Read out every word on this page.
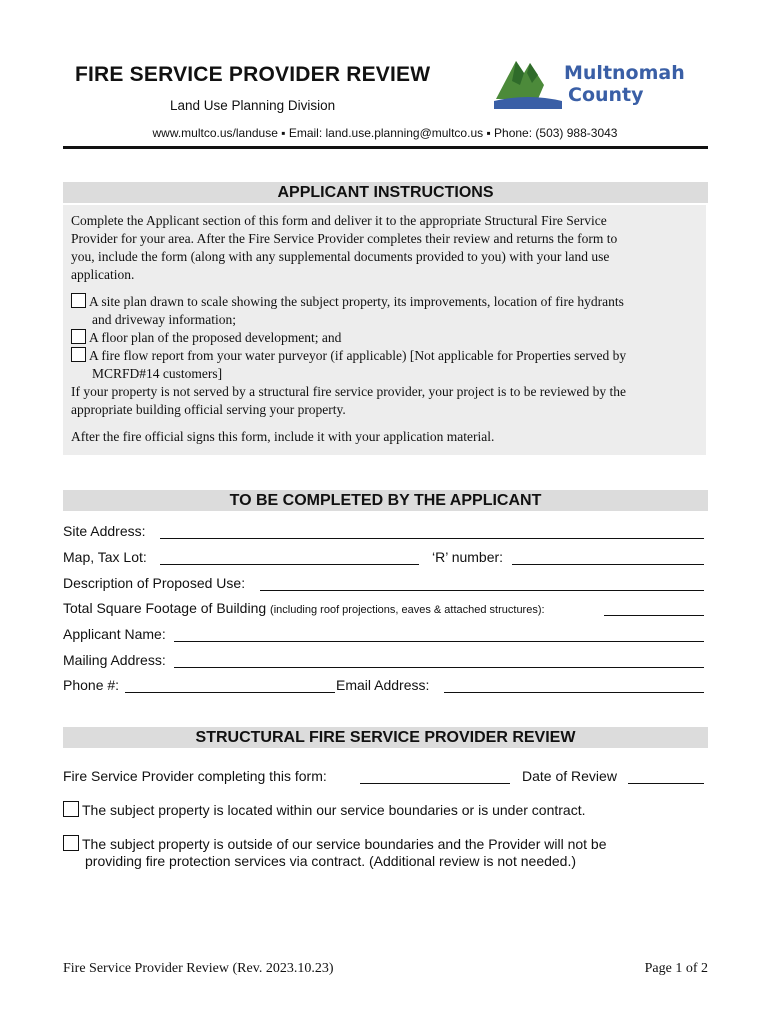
FIRE SERVICE PROVIDER REVIEW
Land Use Planning Division
www.multco.us/landuse ▪ Email: land.use.planning@multco.us ▪ Phone: (503) 988-3043
Multnomah
County
APPLICANT INSTRUCTIONS
Complete the Applicant section of this form and deliver it to the appropriate Structural Fire Service
Provider for your area. After the Fire Service Provider completes their review and returns the form to
you, include the form (along with any supplemental documents provided to you) with your land use
application.
A site plan drawn to scale showing the subject property, its improvements, location of fire hydrants
and driveway information;
A floor plan of the proposed development; and
A fire flow report from your water purveyor (if applicable) [Not applicable for Properties served by
MCRFD#14 customers]
If your property is not served by a structural fire service provider, your project is to be reviewed by the
appropriate building official serving your property.
After the fire official signs this form, include it with your application material.
TO BE COMPLETED BY THE APPLICANT
Site Address:
Map, Tax Lot:	‘R’ number:
Description of Proposed Use:
Total Square Footage of Building (including roof projections, eaves & attached structures):
Applicant Name:
Mailing Address:
Phone #:	Email Address:
STRUCTURAL FIRE SERVICE PROVIDER REVIEW
Fire Service Provider completing this form:	Date of Review
The subject property is located within our service boundaries or is under contract.
The subject property is outside of our service boundaries and the Provider will not be
providing fire protection services via contract. (Additional review is not needed.)
Fire Service Provider Review (Rev. 2023.10.23)	Page 1 of 2
